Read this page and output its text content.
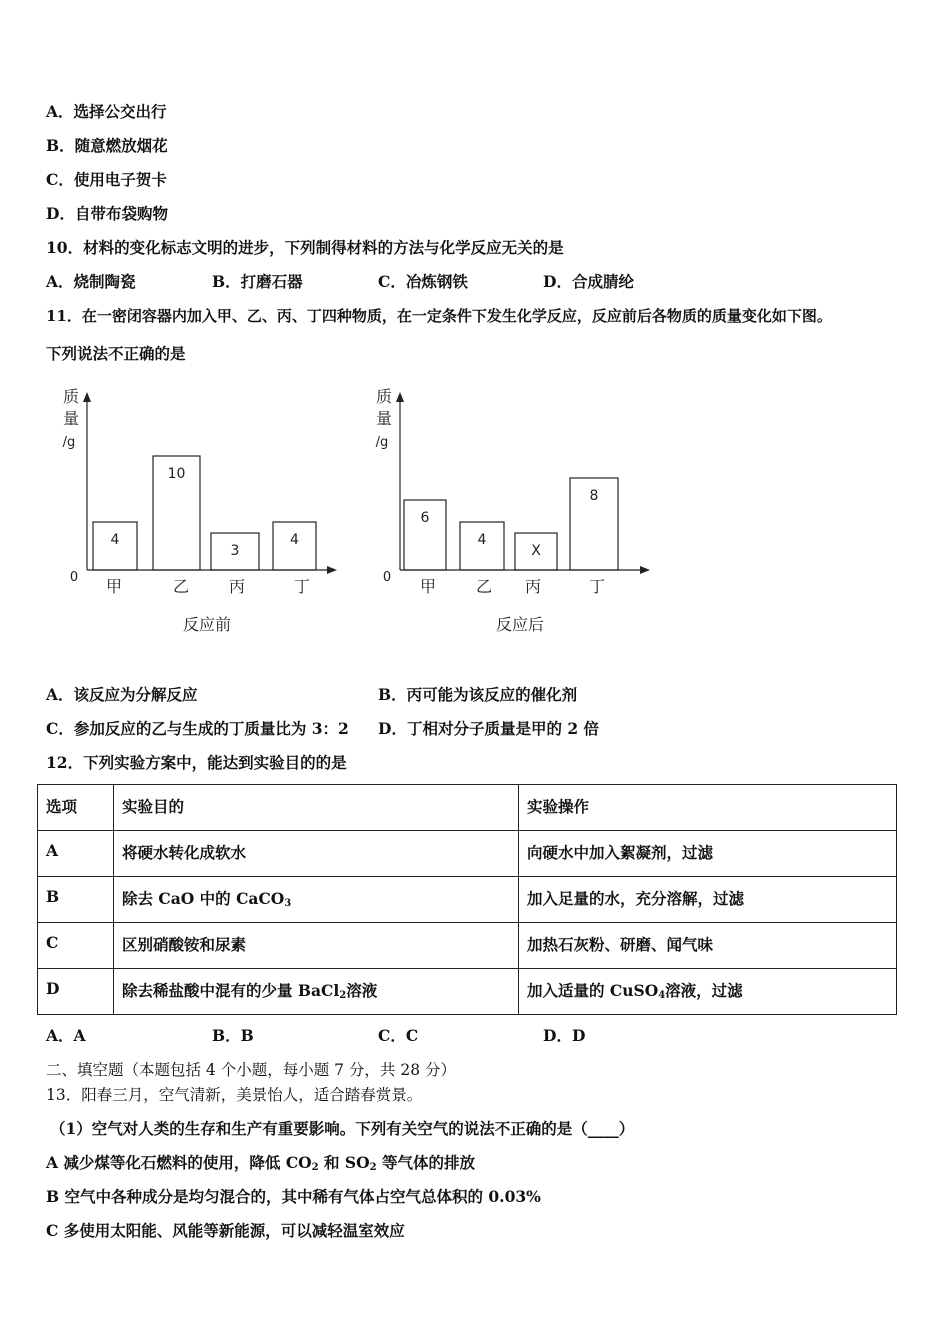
A．选择公交出行
B．随意燃放烟花
C．使用电子贺卡
D．自带布袋购物
10．材料的变化标志文明的进步，下列制得材料的方法与化学反应无关的是
A．烧制陶瓷	B．打磨石器	C．冶炼钢铁	D．合成腈纶
11．在一密闭容器内加入甲、乙、丙、丁四种物质，在一定条件下发生化学反应，反应前后各物质的质量变化如下图。
下列说法不正确的是
质
量
/g
0
4
甲
10
乙
3
丙
4
丁
反应前
质
量
/g
0
6
甲
4
乙
X
丙
8
丁
反应后
A．该反应为分解反应	B．丙可能为该反应的催化剂
C．参加反应的乙与生成的丁质量比为 3：2 D．丁相对分子质量是甲的 2 倍
12．下列实验方案中，能达到实验目的的是
选项	实验目的	实验操作
A	将硬水转化成软水	向硬水中加入絮凝剂，过滤
B	除去 CaO 中的 CaCO$_3$	加入足量的水，充分溶解，过滤
C	区别硝酸铵和尿素	加热石灰粉、研磨、闻气味
D	除去稀盐酸中混有的少量 BaCl$_2$溶液	加入适量的 CuSO$_4$溶液，过滤
A．A	B．B	C．C	D．D
二、填空题（本题包括 4 个小题，每小题 7 分，共 28 分）
13．阳春三月，空气清新，美景怡人，适合踏春赏景。
（1）空气对人类的生存和生产有重要影响。下列有关空气的说法不正确的是（____）
A 减少煤等化石燃料的使用，降低 $CO_2$ 和 $SO_2$ 等气体的排放
B 空气中各种成分是均匀混合的，其中稀有气体占空气总体积的 0.03%
C 多使用太阳能、风能等新能源，可以减轻温室效应
